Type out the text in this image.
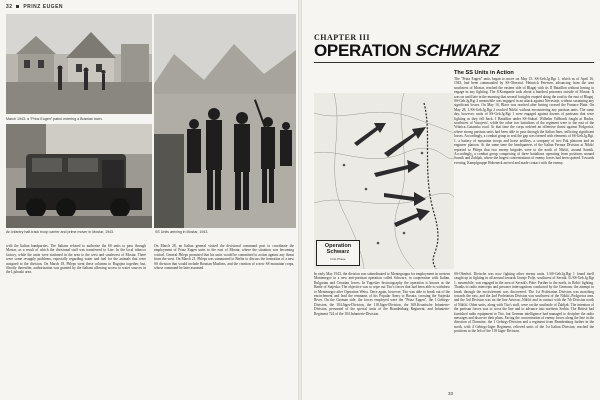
32 PRINZ EUGEN
March 1943: a "Prinz Eugen" patrol entering a Bosnian town.
An Infantry half-track troop carrier and prime mover in Mostar, 1943.	SS Units arriving in Mostar, 1943.
with the Italian bandparties. The Italians refused to authorize the SS units to pass through Mostar, as a result of which the divisional staff was transferred to Lise. In the local tobacco factory, while the units were stationed in the area to the west and southwest of Mostar. There were some resupply problems, especially regarding water and fuel for the animals that were assigned to the division. On March 18, Phleps went these columns to Bugojno together, but, Shortly thereafter, authorization was granted by the Italians allowing access to water sources in the Ljubuski area.
On March 28, an Italian general visited the divisional command post to coordinate the employment of Prinz Eugen units to the east of Mostar, where the situation was becoming critical. General Phleps promised that his units would be committed to action against any threat from the west. On March 21, Phleps was summoned to Berlin to discuss the formation of a new SS division that would include Bosnian Muslims, and the creation of a new SS mountain corps, whose command he later assumed.
CHAPTER III
OPERATION SCHWARZ
Operation Schwarz
First Phase
The SS Units in Action
The "Prinz Eugen" units began to move on May 15. SS-Geb.Jg.Rgt 1, which as of April 16, 1943, had been commanded by SS-Oberstuf. Heinrich Petersen, advancing from the area southwest of Mostar, reached the eastern side of Blagaj with its II Bataillon without having to engage in any fighting. The 8.Kompanie took about a hundred prisoners outside of Mostar. It was on until late in the morning that several fortights erupted along the road to the east of Blagaj. SS-Geb.Jg.Rgt 2 meanwhile was engaged in an attack against Nevesinje, without sustaining any significant losses. On May 16, Blace was reached after having crossed the Funtace Plain. On May 28, I./SS-Geb.Jg.Rgt 2 reached Nikšić without encountering any partisan units. The same day, however, units of SS-Geb.Jg.Rgt 1 were engaged against dozens of partisans that were fighting as they fell back. I Bataillon under SS-Stubaf. Wilhelm Vollhardt fought at Budva, southwest of Vasojević, while the other two battalions of the regiment were to the east of the Vrbnica–Gatansko road. At that time the corps ordered an offensive thrust against Podgorica, where strong partisan units had been able to pass through the Italian lines, inflicting significant losses. Accordingly, a combat group to seal the gap was formed with elements of SS-Geb.Jg.Rgt. 1, a battery of mountain troops and horse artillery, a company of two Pak platoons and an engineer platoon. At the same time the headquarters of the Italian Ferrara Division at Nikšić reported to Phleps that two enemy brigades were to the north of Nikšić, around Savnik. Accordingly, a combat group comprising of three battalions operating from positions around Savnik and Žabljak, where the largest concentrations of enemy forces had been spotted. Towards evening, Kampfgruppe Hoheneck arrived and made contact with the enemy.
In early May 1943, the division was subordinated to Montegrappa for employment in western Montenegro in a new anti-partisan operation called Schwarz, in cooperation with Italian, Bulgarian and Croatian forces. In Yugoslav historiography the operation is known as the Battle of Sutjeska. The objective was to wipe out Tito's forces that had been able to withdraw to Montenegro after Operation Weiss. Once again, however, Tito was able to break out of the encirclement and lead the remnants of his Popular Army to Bosnia, crossing the Sutjeska River. On the German side, the forces employed were the "Prinz Eugen", the 1.Gebirgs-Division, the 104.Jäger-Division, the 118.Jäger-Division, the 369.Kroatische Infanterie-Division, personnel of the special units of the Brandenburg Regiment, and Infanterie-Regiment 724 of the 104.Infanterie-Division.
SS-Oberbaf. Dietsche was now fighting other enemy units. I./SS-Geb.Jg.Rgt 1 found itself caught up in fighting in all around towards Gornje Polje, southwest of Savnik. II./SS-Geb.Jg.Rgt 1, meanwhile, was engaged in the area of Savnik's Pobe. Further to the north, in Bobić fighting. Thanks to radio intercepts and prisoner interrogations conducted by the Germans, the attempt to break through the encirclement was discovered. The 1st Proletarian Division was marching towards the east, and the 2nd Proletarian Division was southwest of the Nikšić–Podgorica area, and the 3rd Division was on the line Avtovac–Nikšić and in contact with the 7th Division north of Nikšić. Other units, along with Tito's staff, were on the southside of Žabljak. The intention of the partisan forces was to cross the line and to advance into northern Serbia. The British had furnished radio equipment to Tito, but German intelligence had managed to decipher the radio messages and discover their plans. Facing the concentration of enemy forces along the line in the direction of Durmitor, the 1 Gebirgs-Division and a regiment from Brandenburg further in the north, with 4 Gebirgs-Jäger Regiment, relieved units of the 1st Italian Division, reached the positions to the left of the 118 Jäger-Division.
33
